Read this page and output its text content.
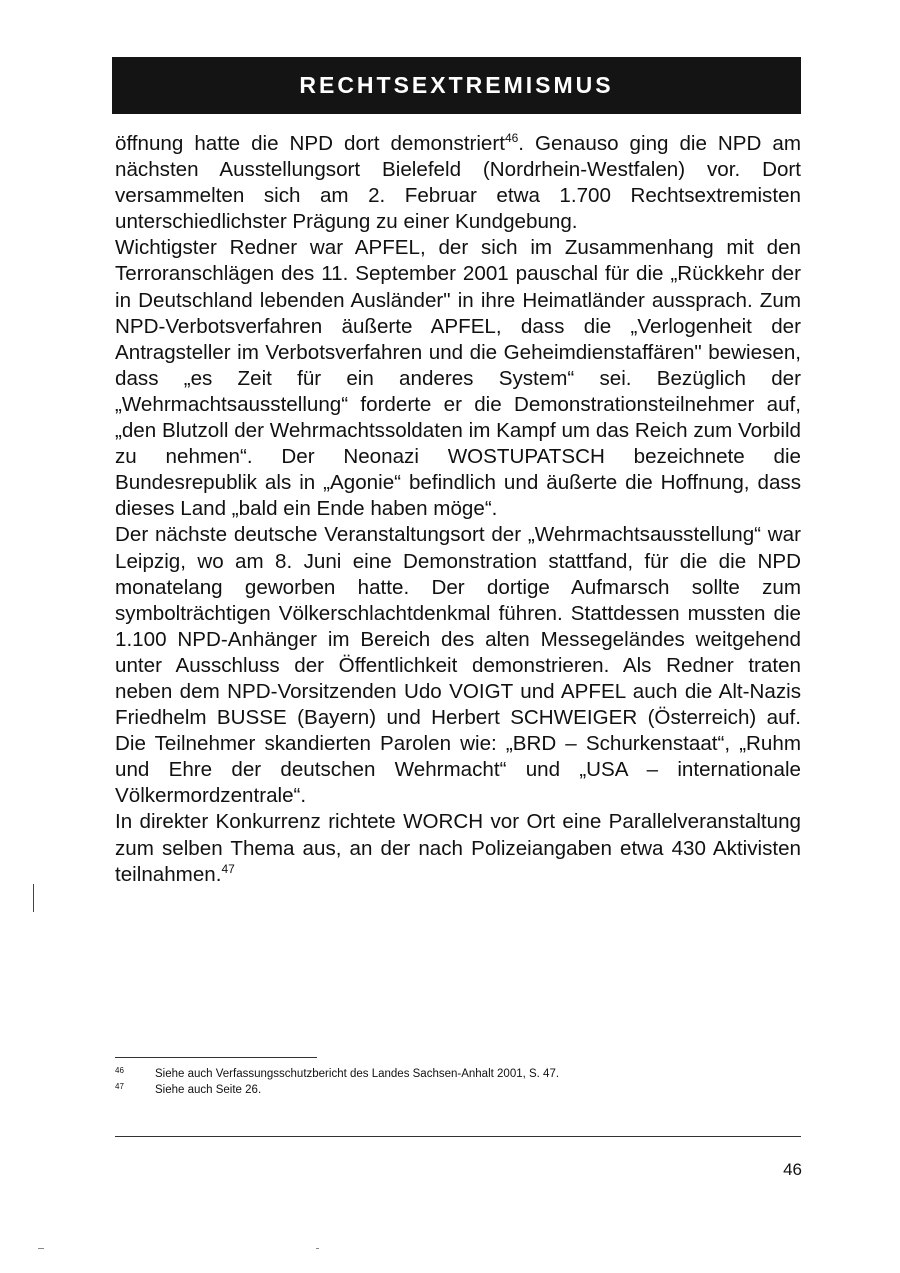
RECHTSEXTREMISMUS

öffnung hatte die NPD dort demonstriert$^{46}$. Genauso ging die NPD am nächsten Ausstellungsort Bielefeld (Nordrhein-Westfalen) vor. Dort versammelten sich am 2. Februar etwa 1.700 Rechtsextremisten unterschiedlichster Prägung zu einer Kundgebung.

Wichtigster Redner war APFEL, der sich im Zusammenhang mit den Terroranschlägen des 11. September 2001 pauschal für die „Rückkehr der in Deutschland lebenden Ausländer" in ihre Heimatländer aussprach. Zum NPD-Verbotsverfahren äußerte APFEL, dass die „Verlogenheit der Antragsteller im Verbotsverfahren und die Geheimdienstaffären" bewiesen, dass „es Zeit für ein anderes System“ sei. Bezüglich der „Wehrmachtsausstellung“ forderte er die Demonstrationsteilnehmer auf, „den Blutzoll der Wehrmachtssoldaten im Kampf um das Reich zum Vorbild zu nehmen“. Der Neonazi WOSTUPATSCH bezeichnete die Bundesrepublik als in „Agonie“ befindlich und äußerte die Hoffnung, dass dieses Land „bald ein Ende haben möge“.

Der nächste deutsche Veranstaltungsort der „Wehrmachtsausstellung“ war Leipzig, wo am 8. Juni eine Demonstration stattfand, für die die NPD monatelang geworben hatte. Der dortige Aufmarsch sollte zum symbolträchtigen Völkerschlachtdenkmal führen. Stattdessen mussten die 1.100 NPD-Anhänger im Bereich des alten Messegeländes weitgehend unter Ausschluss der Öffentlichkeit demonstrieren. Als Redner traten neben dem NPD-Vorsitzenden Udo VOIGT und APFEL auch die Alt-Nazis Friedhelm BUSSE (Bayern) und Herbert SCHWEIGER (Österreich) auf. Die Teilnehmer skandierten Parolen wie: „BRD – Schurkenstaat“, „Ruhm und Ehre der deutschen Wehrmacht“ und „USA – internationale Völkermordzentrale“.

In direkter Konkurrenz richtete WORCH vor Ort eine Parallelveranstaltung zum selben Thema aus, an der nach Polizeiangaben etwa 430 Aktivisten teilnahmen.$^{47}$

46	Siehe auch Verfassungsschutzbericht des Landes Sachsen-Anhalt 2001, S. 47.
47	Siehe auch Seite 26.
46
